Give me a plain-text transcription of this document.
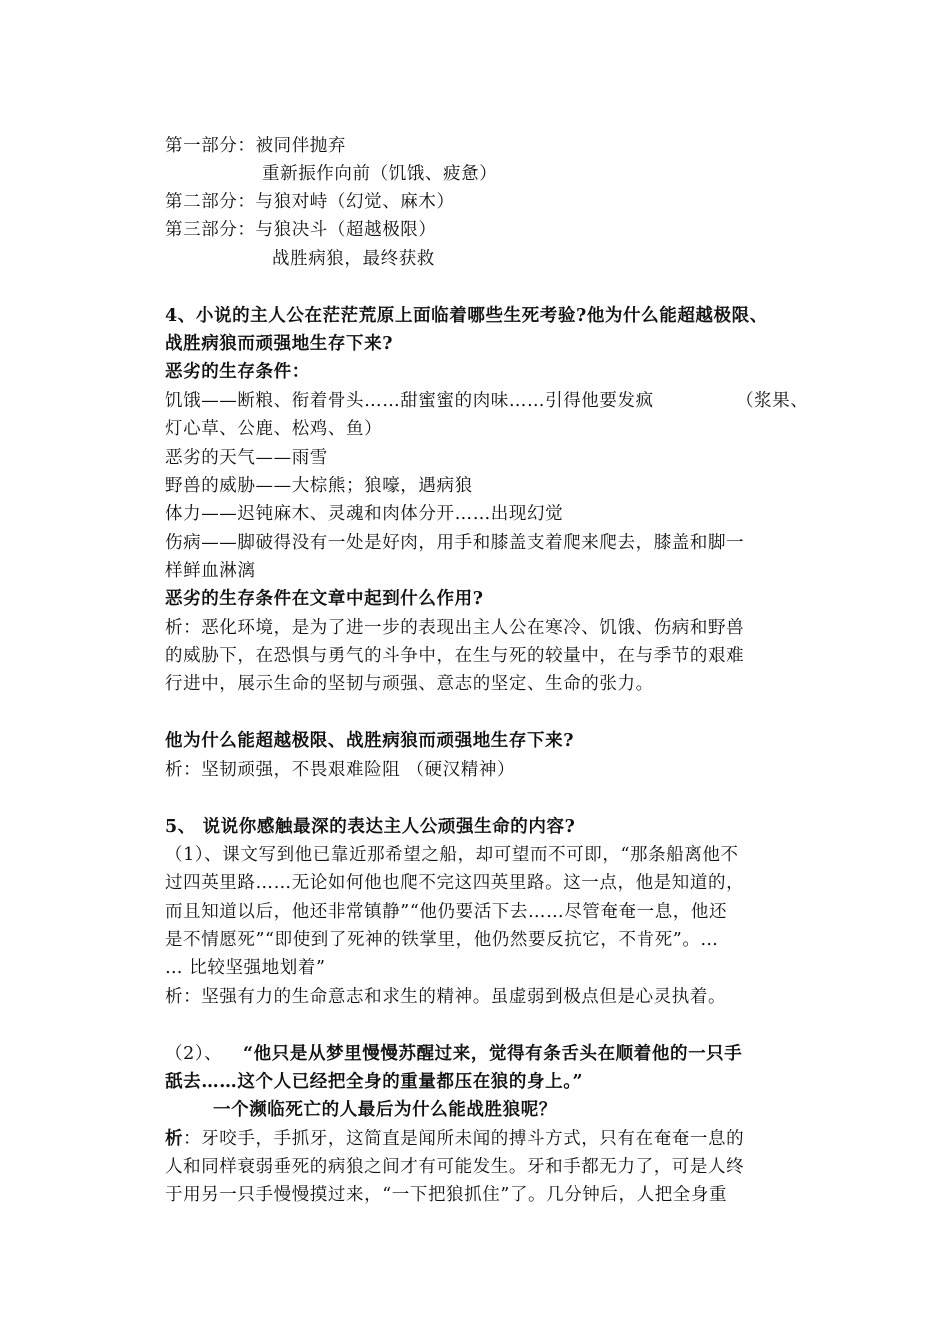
第一部分：被同伴抛弃
重新振作向前（饥饿、疲惫）
第二部分：与狼对峙（幻觉、麻木）
第三部分：与狼决斗（超越极限）
战胜病狼，最终获救
4、小说的主人公在茫茫荒原上面临着哪些生死考验?他为什么能超越极限、
战胜病狼而顽强地生存下来?
恶劣的生存条件：
饥饿——断粮、衔着骨头……甜蜜蜜的肉味……引得他要发疯	（浆果、
灯心草、公鹿、松鸡、鱼）
恶劣的天气——雨雪
野兽的威胁——大棕熊；狼嚎，遇病狼
体力——迟钝麻木、灵魂和肉体分开……出现幻觉
伤病——脚破得没有一处是好肉，用手和膝盖支着爬来爬去，膝盖和脚一
样鲜血淋漓
恶劣的生存条件在文章中起到什么作用?
析：恶化环境，是为了进一步的表现出主人公在寒冷、饥饿、伤病和野兽
的威胁下，在恐惧与勇气的斗争中，在生与死的较量中，在与季节的艰难
行进中，展示生命的坚韧与顽强、意志的坚定、生命的张力。
他为什么能超越极限、战胜病狼而顽强地生存下来?
析：坚韧顽强，不畏艰难险阻 （硬汉精神）
5、 说说你感触最深的表达主人公顽强生命的内容?
（1）、课文写到他已靠近那希望之船，却可望而不可即，“那条船离他不
过四英里路……无论如何他也爬不完这四英里路。这一点，他是知道的，
而且知道以后，他还非常镇静”“他仍要活下去……尽管奄奄一息，他还
是不情愿死”“即使到了死神的铁掌里，他仍然要反抗它，不肯死”。…
… 比较坚强地划着”
析：坚强有力的生命意志和求生的精神。虽虚弱到极点但是心灵执着。
（2）、 “他只是从梦里慢慢苏醒过来，觉得有条舌头在顺着他的一只手
舐去……这个人已经把全身的重量都压在狼的身上。”
一个濒临死亡的人最后为什么能战胜狼呢？
析：牙咬手，手抓牙，这简直是闻所未闻的搏斗方式，只有在奄奄一息的
人和同样衰弱垂死的病狼之间才有可能发生。牙和手都无力了，可是人终
于用另一只手慢慢摸过来，“一下把狼抓住”了。几分钟后，人把全身重
